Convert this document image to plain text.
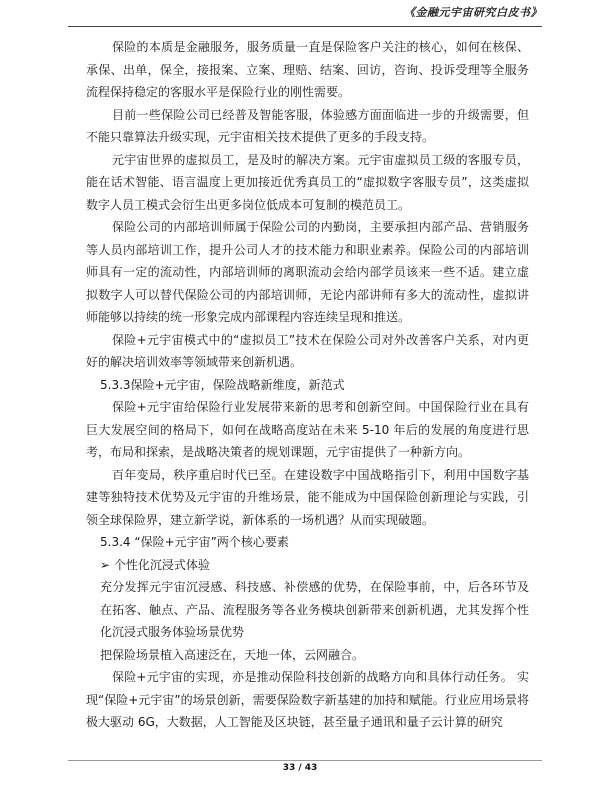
《金融元宇宙研究白皮书》

保险的本质是金融服务，服务质量一直是保险客户关注的核心，如何在核保、承保、出单，保全，接报案、立案、理赔、结案、回访，咨询、投诉受理等全服务流程保持稳定的客服水平是保险行业的刚性需要。

目前一些保险公司已经普及智能客服，体验感方面面临进一步的升级需要，但不能只靠算法升级实现，元宇宙相关技术提供了更多的手段支持。

元宇宙世界的虚拟员工，是及时的解决方案。元宇宙虚拟员工级的客服专员，能在话术智能、语言温度上更加接近优秀真员工的“虚拟数字客服专员”，这类虚拟数字人员工模式会衍生出更多岗位低成本可复制的模范员工。

保险公司的内部培训师属于保险公司的内勤岗，主要承担内部产品、营销服务等人员内部培训工作，提升公司人才的技术能力和职业素养。保险公司的内部培训师具有一定的流动性，内部培训师的离职流动会给内部学员该来一些不适。建立虚拟数字人可以替代保险公司的内部培训师，无论内部讲师有多大的流动性，虚拟讲师能够以持续的统一形象完成内部课程内容连续呈现和推送。

保险+元宇宙模式中的“虚拟员工”技术在保险公司对外改善客户关系，对内更好的解决培训效率等领域带来创新机遇。

5.3.3保险+元宇宙，保险战略新维度，新范式

保险+元宇宙给保险行业发展带来新的思考和创新空间。中国保险行业在具有巨大发展空间的格局下，如何在战略高度站在未来 5-10 年后的发展的角度进行思考，布局和探索，是战略决策者的规划课题，元宇宙提供了一种新方向。

百年变局，秩序重启时代已至。在建设数字中国战略指引下，利用中国数字基建等独特技术优势及元宇宙的升维场景，能不能成为中国保险创新理论与实践，引领全球保险界，建立新学说，新体系的一场机遇？从而实现破题。

5.3.4 “保险+元宇宙”两个核心要素

➢ 个性化沉浸式体验

充分发挥元宇宙沉浸感、科技感、补偿感的优势，在保险事前，中，后各环节及在拓客、触点、产品、流程服务等各业务模块创新带来创新机遇，尤其发挥个性化沉浸式服务体验场景优势

把保险场景植入高速泛在，天地一体，云网融合。

保险+元宇宙的实现，亦是推动保险科技创新的战略方向和具体行动任务。 实现“保险+元宇宙”的场景创新，需要保险数字新基建的加持和赋能。行业应用场景将极大驱动 6G，大数据，人工智能及区块链，甚至量子通讯和量子云计算的研究

33 / 43
